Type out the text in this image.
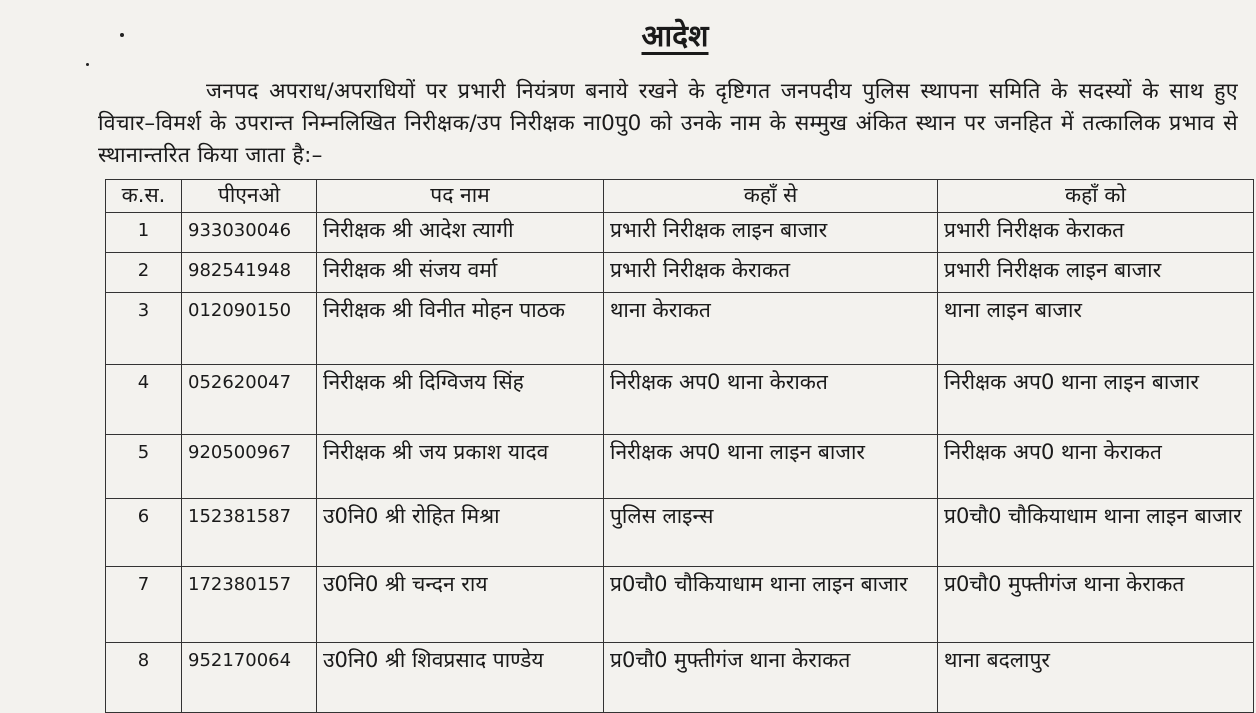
आदेश
जनपद अपराध/अपराधियों पर प्रभारी नियंत्रण बनाये रखने के दृष्टिगत जनपदीय पुलिस स्थापना समिति के सदस्यों के साथ हुए विचार–विमर्श के उपरान्त निम्नलिखित निरीक्षक/उप निरीक्षक ना0पु0 को उनके नाम के सम्मुख अंकित स्थान पर जनहित में तत्कालिक प्रभाव से स्थानान्तरित किया जाता है:–
क.स.	पीएनओ	पद नाम	कहाँ से	कहाँ को
1	933030046	निरीक्षक श्री आदेश त्यागी	प्रभारी निरीक्षक लाइन बाजार	प्रभारी निरीक्षक केराकत
2	982541948	निरीक्षक श्री संजय वर्मा	प्रभारी निरीक्षक केराकत	प्रभारी निरीक्षक लाइन बाजार
3	012090150	निरीक्षक श्री विनीत मोहन पाठक	थाना केराकत	थाना लाइन बाजार
4	052620047	निरीक्षक श्री दिग्विजय सिंह	निरीक्षक अप0 थाना केराकत	निरीक्षक अप0 थाना लाइन बाजार
5	920500967	निरीक्षक श्री जय प्रकाश यादव	निरीक्षक अप0 थाना लाइन बाजार	निरीक्षक अप0 थाना केराकत
6	152381587	उ0नि0 श्री रोहित मिश्रा	पुलिस लाइन्स	प्र0चौ0 चौकियाधाम थाना लाइन बाजार
7	172380157	उ0नि0 श्री चन्दन राय	प्र0चौ0 चौकियाधाम थाना लाइन बाजार	प्र0चौ0 मुफ्तीगंज थाना केराकत
8	952170064	उ0नि0 श्री शिवप्रसाद पाण्डेय	प्र0चौ0 मुफ्तीगंज थाना केराकत	थाना बदलापुर
